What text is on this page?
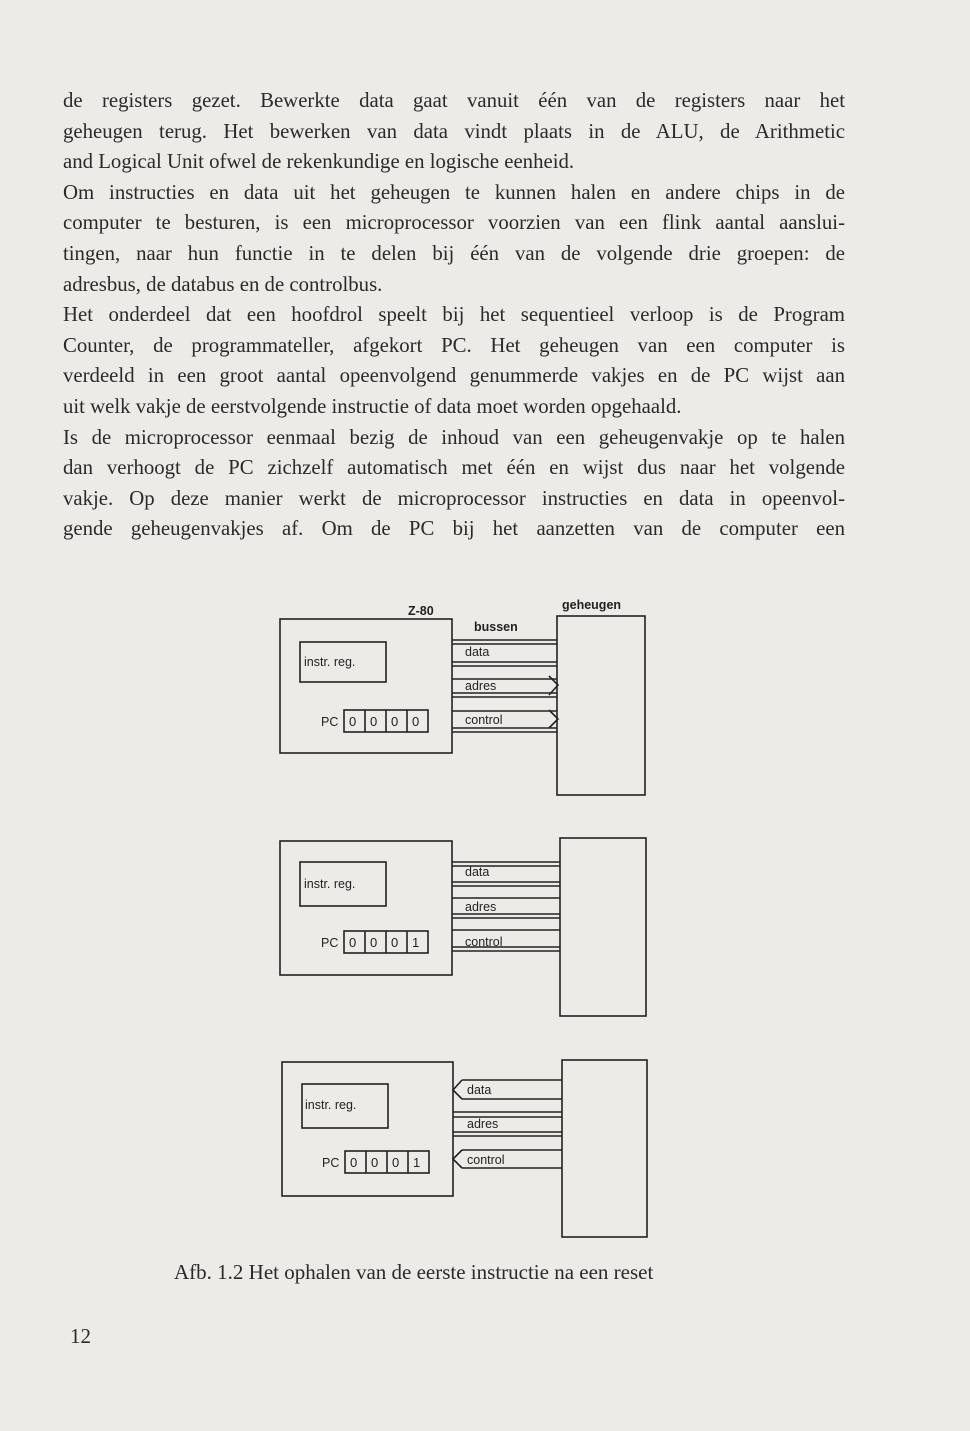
de registers gezet. Bewerkte data gaat vanuit één van de registers naar het
geheugen terug. Het bewerken van data vindt plaats in de ALU, de Arithmetic
and Logical Unit ofwel de rekenkundige en logische eenheid.

Om instructies en data uit het geheugen te kunnen halen en andere chips in de
computer te besturen, is een microprocessor voorzien van een flink aantal aanslui-
tingen, naar hun functie in te delen bij één van de volgende drie groepen: de
adresbus, de databus en de controlbus.

Het onderdeel dat een hoofdrol speelt bij het sequentieel verloop is de Program
Counter, de programmateller, afgekort PC. Het geheugen van een computer is
verdeeld in een groot aantal opeenvolgend genummerde vakjes en de PC wijst aan
uit welk vakje de eerstvolgende instructie of data moet worden opgehaald.

Is de microprocessor eenmaal bezig de inhoud van een geheugenvakje op te halen
dan verhoogt de PC zichzelf automatisch met één en wijst dus naar het volgende
vakje. Op deze manier werkt de microprocessor instructies en data in opeenvol-
gende geheugenvakjes af. Om de PC bij het aanzetten van de computer een

Z-80	geheugen
bussen
instr. reg.
data
adres
control
PC 0 0 0 0
instr. reg.
data
adres
control
PC 0 0 0 1
instr. reg.
data
adres
control
PC 0 0 0 1
Afb. 1.2 Het ophalen van de eerste instructie na een reset
12
